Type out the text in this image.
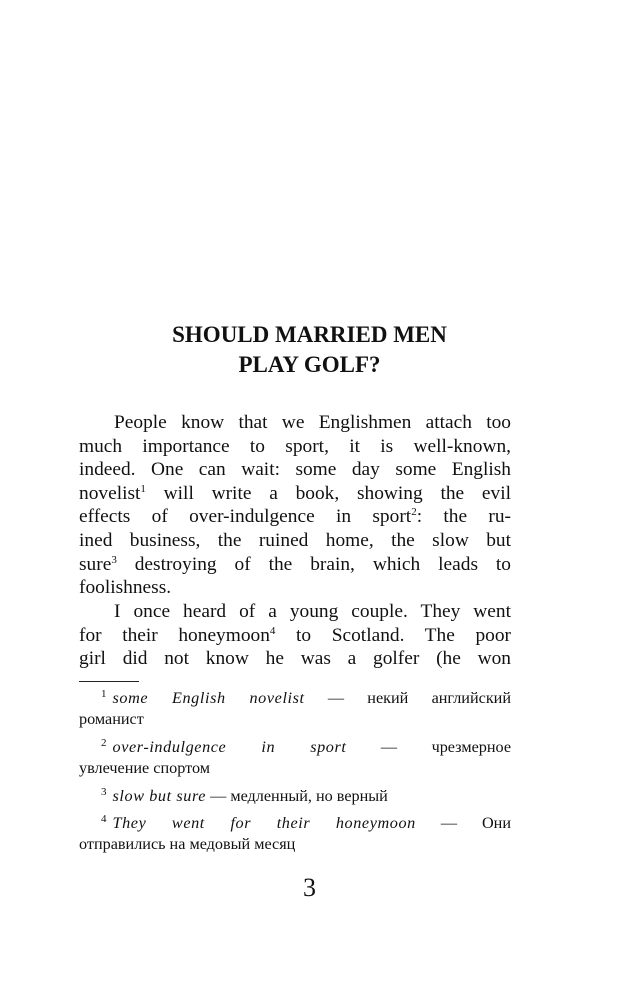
SHOULD MARRIED MEN
PLAY GOLF?
People know that we Englishmen attach too
much importance to sport, it is well-known,
indeed. One can wait: some day some English
novelist$^1$ will write a book, showing the evil
effects of over-indulgence in sport$^2$: the ru-
ined business, the ruined home, the slow but
sure$^3$ destroying of the brain, which leads to
foolishness.
I once heard of a young couple. They went
for their honeymoon$^4$ to Scotland. The poor
girl did not know he was a golfer (he won
$^1$ some English novelist — некий английский
романист
$^2$ over-indulgence in sport — чрезмерное
увлечение спортом
$^3$ slow but sure — медленный, но верный
$^4$ They went for their honeymoon — Они
отправились на медовый месяц
3
